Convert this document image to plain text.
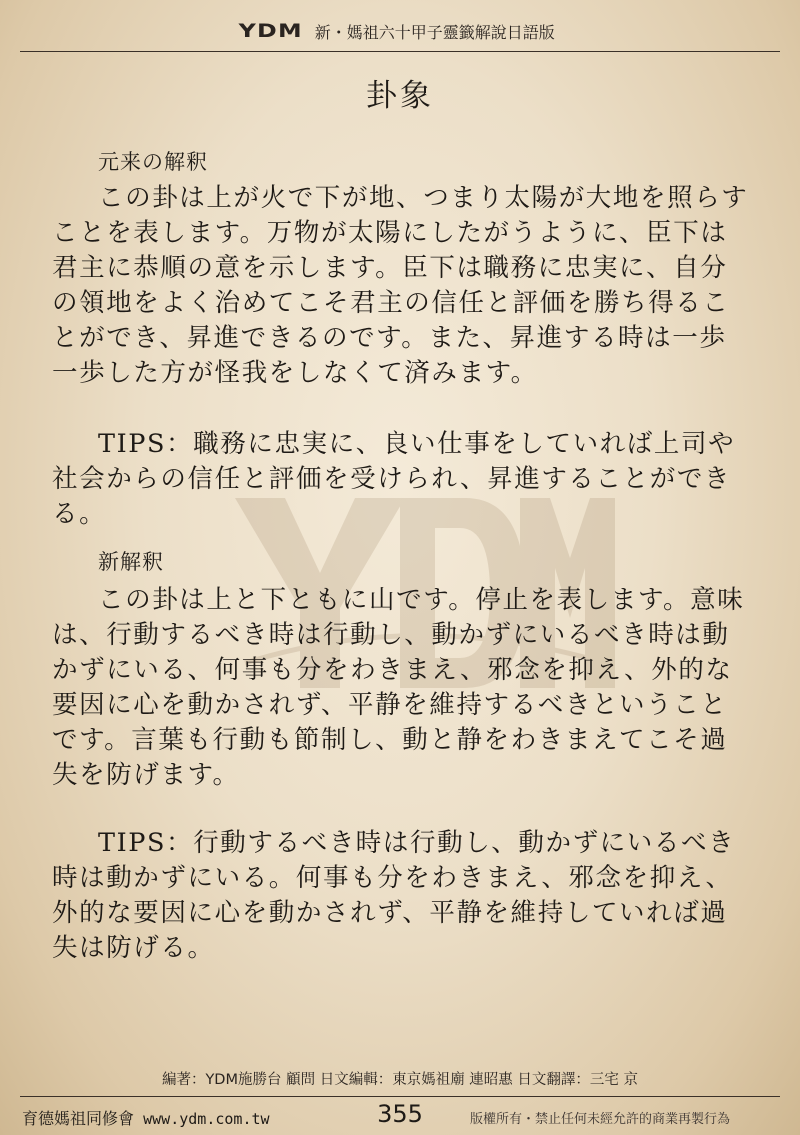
YDM 新・媽祖六十甲子靈籤解說日語版
卦象
元来の解釈

この卦は上が火で下が地、つまり太陽が大地を照らすことを表します。万物が太陽にしたがうように、臣下は君主に恭順の意を示します。臣下は職務に忠実に、自分の領地をよく治めてこそ君主の信任と評価を勝ち得ることができ、昇進できるのです。また、昇進する時は一歩一歩した方が怪我をしなくて済みます。

TIPS：職務に忠実に、良い仕事をしていれば上司や社会からの信任と評価を受けられ、昇進することができる。

新解釈

この卦は上と下ともに山です。停止を表します。意味は、行動するべき時は行動し、動かずにいるべき時は動かずにいる、何事も分をわきまえ、邪念を抑え、外的な要因に心を動かされず、平静を維持するべきということです。言葉も行動も節制し、動と静をわきまえてこそ過失を防げます。

TIPS：行動するべき時は行動し、動かずにいるべき時は動かずにいる。何事も分をわきまえ、邪念を抑え、外的な要因に心を動かされず、平静を維持していれば過失は防げる。

編著：YDM施勝台 顧問 日文編輯：東京媽祖廟 連昭惠 日文翻譯：三宅 京
育德媽祖同修會 www.ydm.com.tw	355	版權所有・禁止任何未經允許的商業再製行為
